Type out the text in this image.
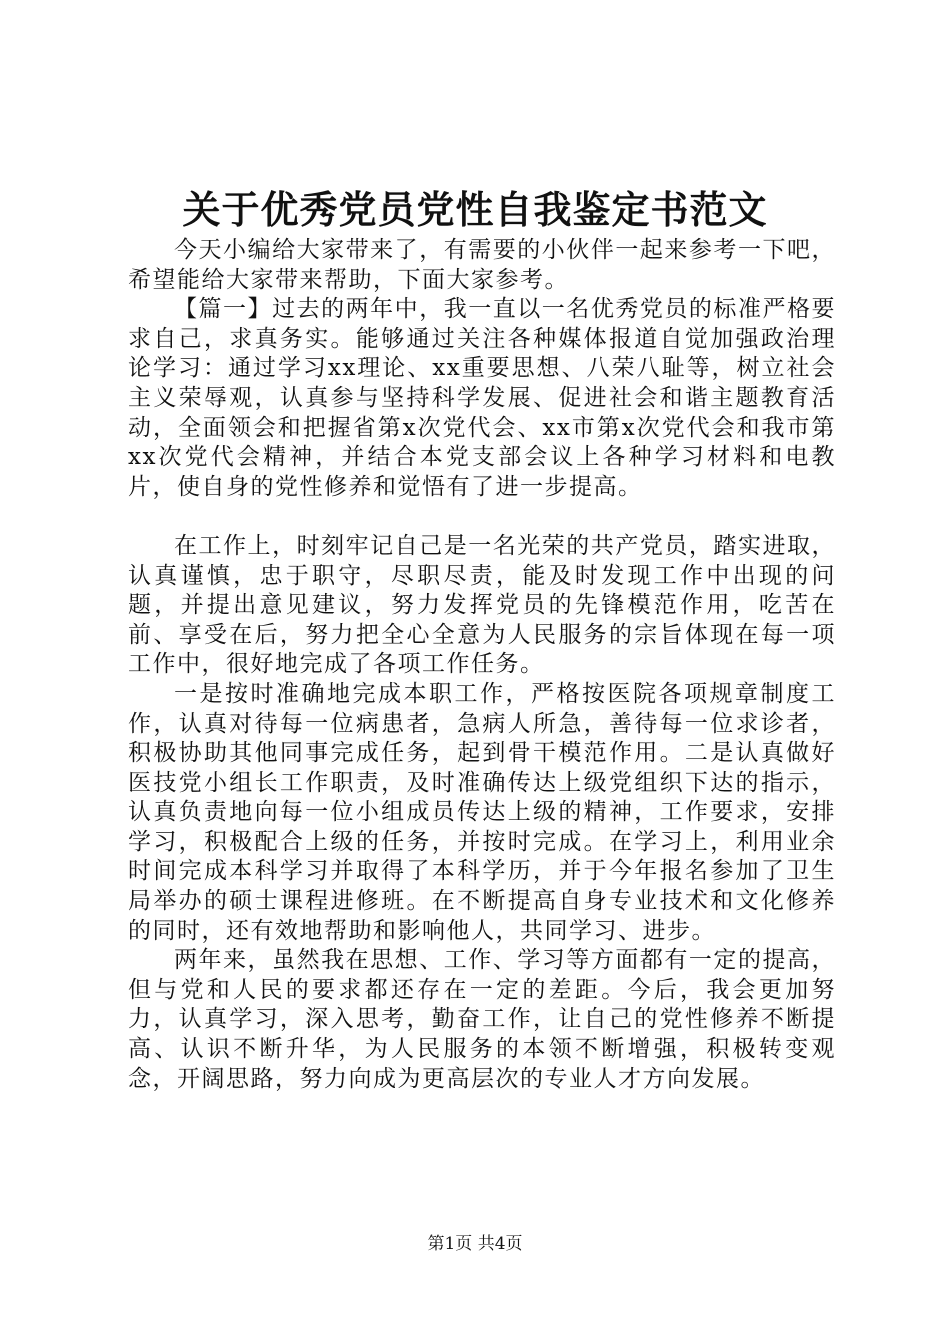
关于优秀党员党性自我鉴定书范文

今天小编给大家带来了，有需要的小伙伴一起来参考一下吧，希望能给大家带来帮助，下面大家参考。

【篇一】过去的两年中，我一直以一名优秀党员的标准严格要求自己，求真务实。能够通过关注各种媒体报道自觉加强政治理论学习：通过学习xx理论、xx重要思想、八荣八耻等，树立社会主义荣辱观，认真参与坚持科学发展、促进社会和谐主题教育活动，全面领会和把握省第x次党代会、xx市第x次党代会和我市第xx次党代会精神，并结合本党支部会议上各种学习材料和电教片，使自身的党性修养和觉悟有了进一步提高。

在工作上，时刻牢记自己是一名光荣的共产党员，踏实进取，认真谨慎，忠于职守，尽职尽责，能及时发现工作中出现的问题，并提出意见建议，努力发挥党员的先锋模范作用，吃苦在前、享受在后，努力把全心全意为人民服务的宗旨体现在每一项工作中，很好地完成了各项工作任务。

一是按时准确地完成本职工作，严格按医院各项规章制度工作，认真对待每一位病患者，急病人所急，善待每一位求诊者，积极协助其他同事完成任务，起到骨干模范作用。二是认真做好医技党小组长工作职责，及时准确传达上级党组织下达的指示，认真负责地向每一位小组成员传达上级的精神，工作要求，安排学习，积极配合上级的任务，并按时完成。在学习上，利用业余时间完成本科学习并取得了本科学历，并于今年报名参加了卫生局举办的硕士课程进修班。在不断提高自身专业技术和文化修养的同时，还有效地帮助和影响他人，共同学习、进步。

两年来，虽然我在思想、工作、学习等方面都有一定的提高，但与党和人民的要求都还存在一定的差距。今后，我会更加努力，认真学习，深入思考，勤奋工作，让自己的党性修养不断提高、认识不断升华，为人民服务的本领不断增强，积极转变观念，开阔思路，努力向成为更高层次的专业人才方向发展。

第1页 共4页
